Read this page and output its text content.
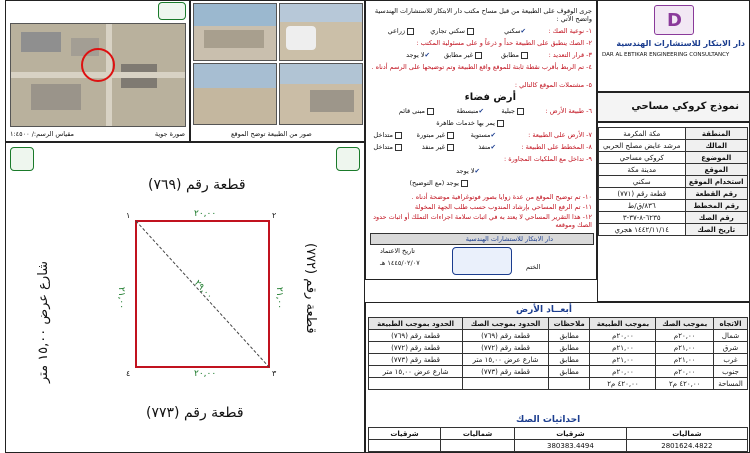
صورة جوية
مقياس الرسم:/ ١:٤٥٠٠	صور من الطبيعة توضح الموقع
قطعة رقم (٧٦٩)
قطعة رقم (٧٧٣)
قطعة رقم (٧٧٢)
شارع عرض ١٥,٠٠ متر
٢٠,٠٠
٢٠,٠٠
٢١,٠٠	٢١,٠٠
٢٩,٠٠
١	٢
٣
٤
جرى الوقوف على الطبيعة من قبل مساح مكتب دار الابتكار للاستشارات الهندسية واتضح الآتي :
١- نوعية الصك :
✔سكني
سكني تجاري
زراعي
٢- الصك ينطبق على الطبيعة حداً و ذرعاً و على مسئولية المكتب :
٣- قرار التعديد :
مطابق
غير مطابق
✔لا يوجد
٤- تم الربط بأقرب نقطة ثابتة للموقع واقع الطبيعة وتم توضيحها على الرسم أدناه .
٥- مشتملات الموقع كالتالي :
أرض فضاء
٦- طبيعة الأرض :
جبلية
✔منبسطة
مبنى قائم
يمر بها خدمات ظاهرة
٧- الأرض على الطبيعة :
✔مستوية
غير مبتورة
متداخل
٨- المخطط على الطبيعة :
✔منفذ
غير منفذ
متداخل
٩- تداخل مع الملكيات المجاورة :
✔لا يوجد
يوجد (مع التوضيح)
١٠- تم توضيح الموقع من عدة زوايا بصور فوتوغرافية موضحة أدناه .
١١- تم الرفع المساحي بإرشاد المندوب حسب طلب الجهة المخولة
١٢- هذا التقرير المساحي لا يعتد به في اثبات سلامة اجراءات التملك أو اثبات حدود الصك وموقعه
دار الابتكار للاستشارات الهندسية
تاريخ الاعتماد
١٤٤٥/٠٢/٠٧ هـ	الختم
D
دار الابتكار للاستشارات الهندسية
DAR AL EBTIKAR ENGINEERING CONSULTANCY
نموذج كروكي مساحي
المنطقة	مكة المكرمة
المالك	مرشد عايض مصلح الحربي
الموضوع	كروكي مساحي
الموقع	مدينة مكة
استخدام الموقع	سكني
رقم القطعة	قطعة رقم (٧٧١)
رقم المخطط	٨٣٦/ق/ط
رقم الصك	٦٢٣٥-٨-٣٧-٣
تاريخ الصك	١٤٤٢/١١/١٤ هجري
أبعــاد الأرض
الاتجاه	بموجب الصك	بموجب الطبيعة	ملاحظات	الحدود بموجب الصك	الحدود بموجب الطبيعة
شمال	٢٠,٠٠م	٢٠,٠٠م	مطابق	قطعة رقم (٧٦٩)	قطعة رقم (٧٦٩)
شرق	٢١,٠٠م	٢١,٠٠م	مطابق	قطعة رقم (٧٧٢)	قطعة رقم (٧٧٢)
غرب	٢١,٠٠م	٢١,٠٠م	مطابق	شارع عرض ١٥,٠٠ متر	قطعة رقم (٧٧٣)
جنوب	٢٠,٠٠م	٢٠,٠٠م	مطابق	قطعة رقم (٧٧٣)	شارع عرض ١٥,٠٠ متر
المساحة	٤٢٠,٠٠ م٢	٤٢٠,٠٠ م٢			
احداثيات الصك
شماليات	شرقيات	شماليات	شرقيات
2801624.4822	380383.4494		
